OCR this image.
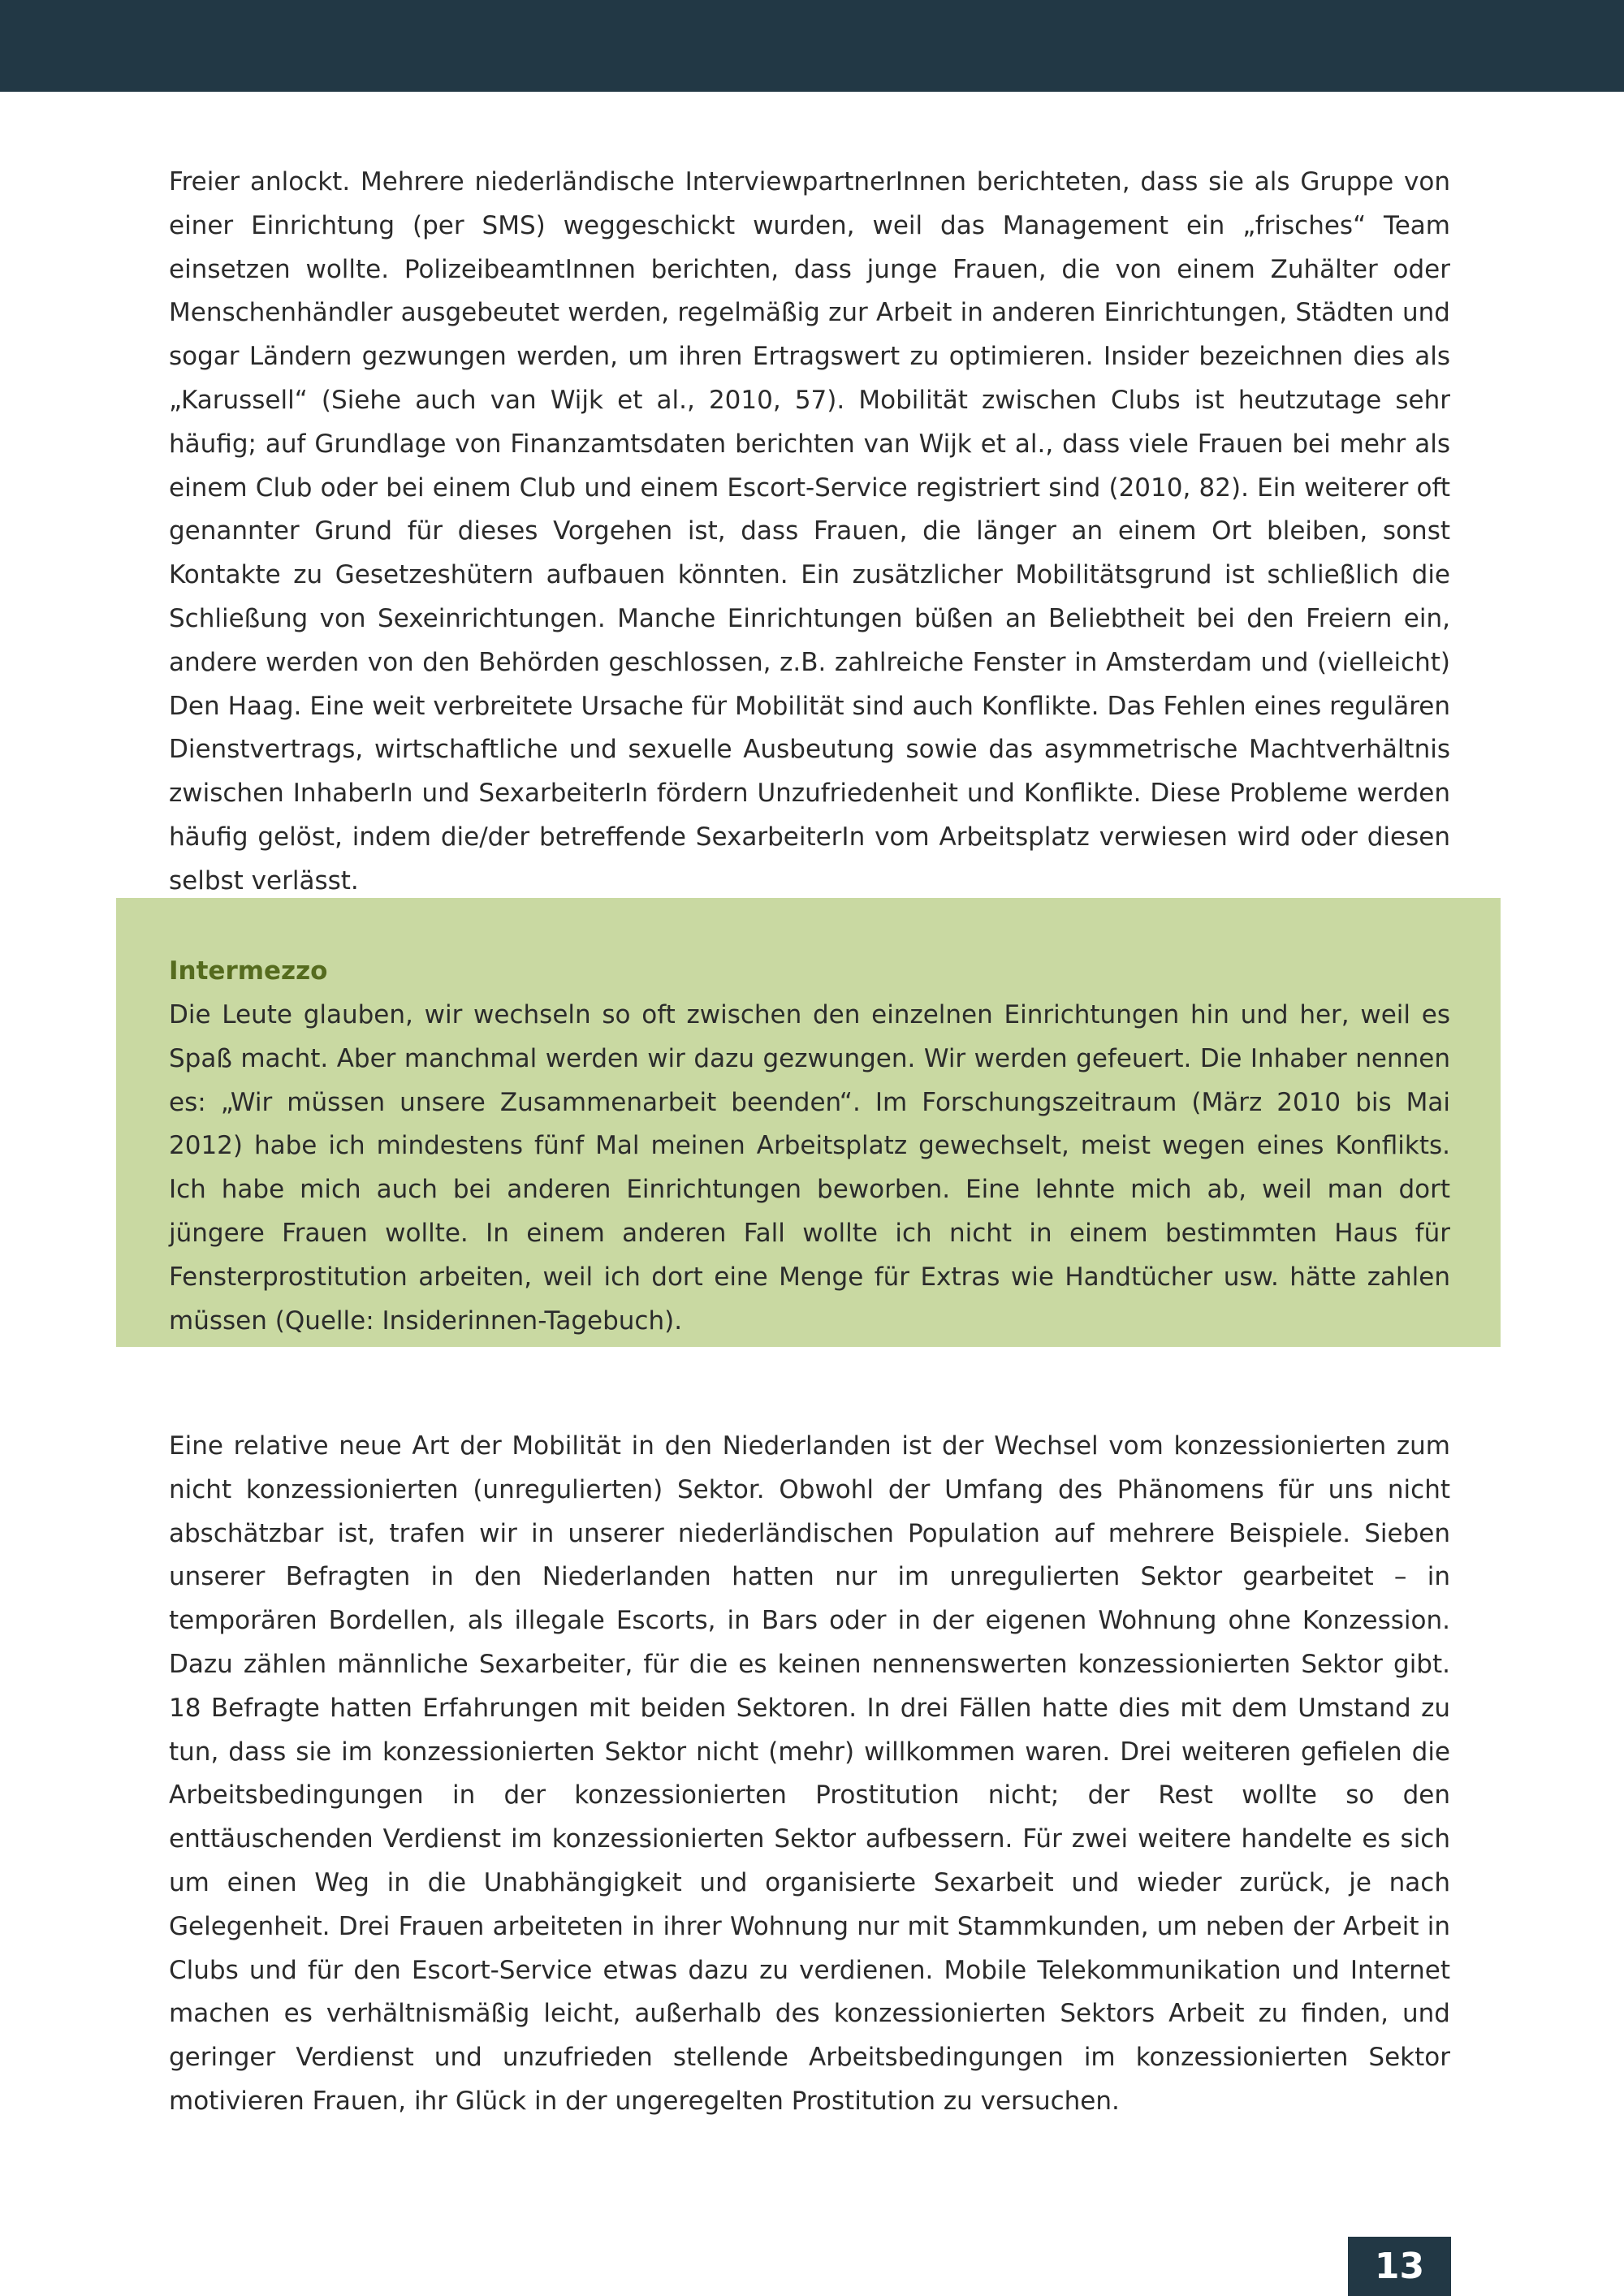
Freier anlockt. Mehrere niederländische InterviewpartnerInnen berichteten, dass sie als Gruppe von einer Einrichtung (per SMS) weggeschickt wurden, weil das Management ein „frisches“ Team einsetzen wollte. PolizeibeamtInnen berichten, dass junge Frauen, die von einem Zuhälter oder Menschenhändler ausgebeutet werden, regelmäßig zur Arbeit in anderen Einrichtungen, Städten und sogar Ländern gezwungen werden, um ihren Ertragswert zu optimieren. Insider bezeichnen dies als „Karussell“ (Siehe auch van Wijk et al., 2010, 57). Mobilität zwischen Clubs ist heutzutage sehr häufig; auf Grundlage von Finanzamtsdaten berichten van Wijk et al., dass viele Frauen bei mehr als einem Club oder bei einem Club und einem Escort-Service registriert sind (2010, 82). Ein weiterer oft genannter Grund für dieses Vorgehen ist, dass Frauen, die länger an einem Ort bleiben, sonst Kontakte zu Gesetzeshütern aufbauen könnten. Ein zusätzlicher Mobilitätsgrund ist schließlich die Schließung von Sexeinrichtungen. Manche Einrichtungen büßen an Beliebtheit bei den Freiern ein, andere werden von den Behörden geschlossen, z.B. zahlreiche Fenster in Amsterdam und (vielleicht) Den Haag. Eine weit verbreitete Ursache für Mobilität sind auch Konflikte. Das Fehlen eines regulären Dienstvertrags, wirtschaftliche und sexuelle Ausbeutung sowie das asymmetrische Machtverhältnis zwischen InhaberIn und SexarbeiterIn fördern Unzufriedenheit und Konflikte. Diese Probleme werden häufig gelöst, indem die/der betreffende SexarbeiterIn vom Arbeitsplatz verwiesen wird oder diesen selbst verlässt.

Intermezzo

Die Leute glauben, wir wechseln so oft zwischen den einzelnen Einrichtungen hin und her, weil es Spaß macht. Aber manchmal werden wir dazu gezwungen. Wir werden gefeuert. Die Inhaber nennen es: „Wir müssen unsere Zusammenarbeit beenden“. Im Forschungszeitraum (März 2010 bis Mai 2012) habe ich mindestens fünf Mal meinen Arbeitsplatz gewechselt, meist wegen eines Konflikts. Ich habe mich auch bei anderen Einrichtungen beworben. Eine lehnte mich ab, weil man dort jüngere Frauen wollte. In einem anderen Fall wollte ich nicht in einem bestimmten Haus für Fensterprostitution arbeiten, weil ich dort eine Menge für Extras wie Handtücher usw. hätte zahlen müssen (Quelle: Insiderinnen-Tagebuch).

Eine relative neue Art der Mobilität in den Niederlanden ist der Wechsel vom konzessionierten zum nicht konzessionierten (unregulierten) Sektor. Obwohl der Umfang des Phänomens für uns nicht abschätzbar ist, trafen wir in unserer niederländischen Population auf mehrere Beispiele. Sieben unserer Befragten in den Niederlanden hatten nur im unregulierten Sektor gearbeitet – in temporären Bordellen, als illegale Escorts, in Bars oder in der eigenen Wohnung ohne Konzession. Dazu zählen männliche Sexarbeiter, für die es keinen nennenswerten konzessionierten Sektor gibt. 18 Befragte hatten Erfahrungen mit beiden Sektoren. In drei Fällen hatte dies mit dem Umstand zu tun, dass sie im konzessionierten Sektor nicht (mehr) willkommen waren. Drei weiteren gefielen die Arbeitsbedingungen in der konzessionierten Prostitution nicht; der Rest wollte so den enttäuschenden Verdienst im konzessionierten Sektor aufbessern. Für zwei weitere handelte es sich um einen Weg in die Unabhängigkeit und organisierte Sexarbeit und wieder zurück, je nach Gelegenheit. Drei Frauen arbeiteten in ihrer Wohnung nur mit Stammkunden, um neben der Arbeit in Clubs und für den Escort-Service etwas dazu zu verdienen. Mobile Telekommunikation und Internet machen es verhältnismäßig leicht, außerhalb des konzessionierten Sektors Arbeit zu finden, und geringer Verdienst und unzufrieden stellende Arbeitsbedingungen im konzessionierten Sektor motivieren Frauen, ihr Glück in der ungeregelten Prostitution zu versuchen.

13
